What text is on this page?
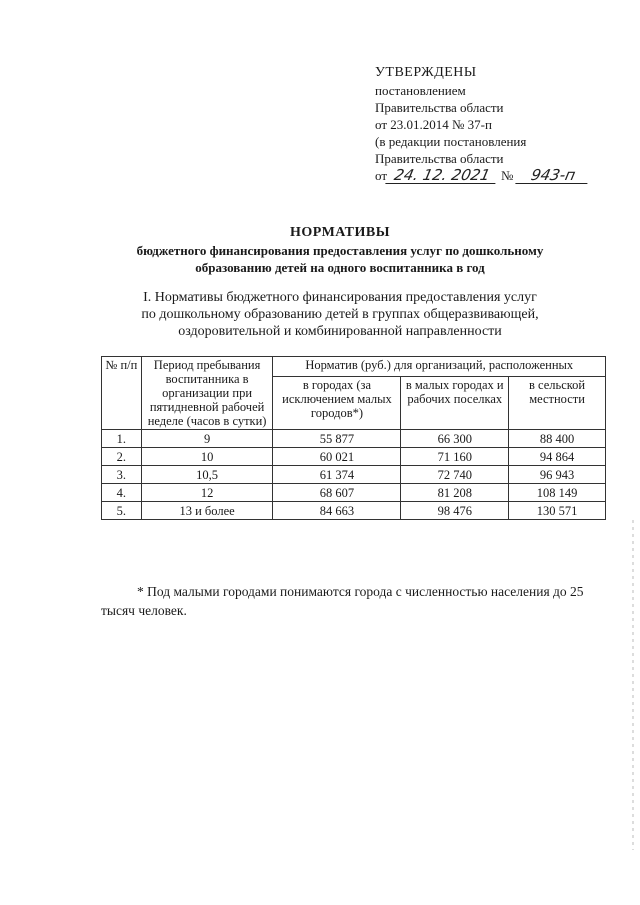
УТВЕРЖДЕНЫ
постановлением
Правительства области
от 23.01.2014 № 37-п
(в редакции постановления
Правительства области
от 24. 12. 2021 №	943-п
НОРМАТИВЫ
бюджетного финансирования предоставления услуг по дошкольному
образованию детей на одного воспитанника в год
I. Нормативы бюджетного финансирования предоставления услуг
по дошкольному образованию детей в группах общеразвивающей,
оздоровительной и комбинированной направленности
№ п/п	Период пребывания воспитанника в организации при пятидневной рабочей неделе (часов в сутки)	Норматив (руб.) для организаций, расположенных		
		в городах (за исключением малых городов*)	в малых городах и рабочих поселках	в сельской местности
1.	9	55 877	66 300	88 400
2.	10	60 021	71 160	94 864
3.	10,5	61 374	72 740	96 943
4.	12	68 607	81 208	108 149
5.	13 и более	84 663	98 476	130 571
* Под малыми городами понимаются города с численностью населения до 25 тысяч человек.
